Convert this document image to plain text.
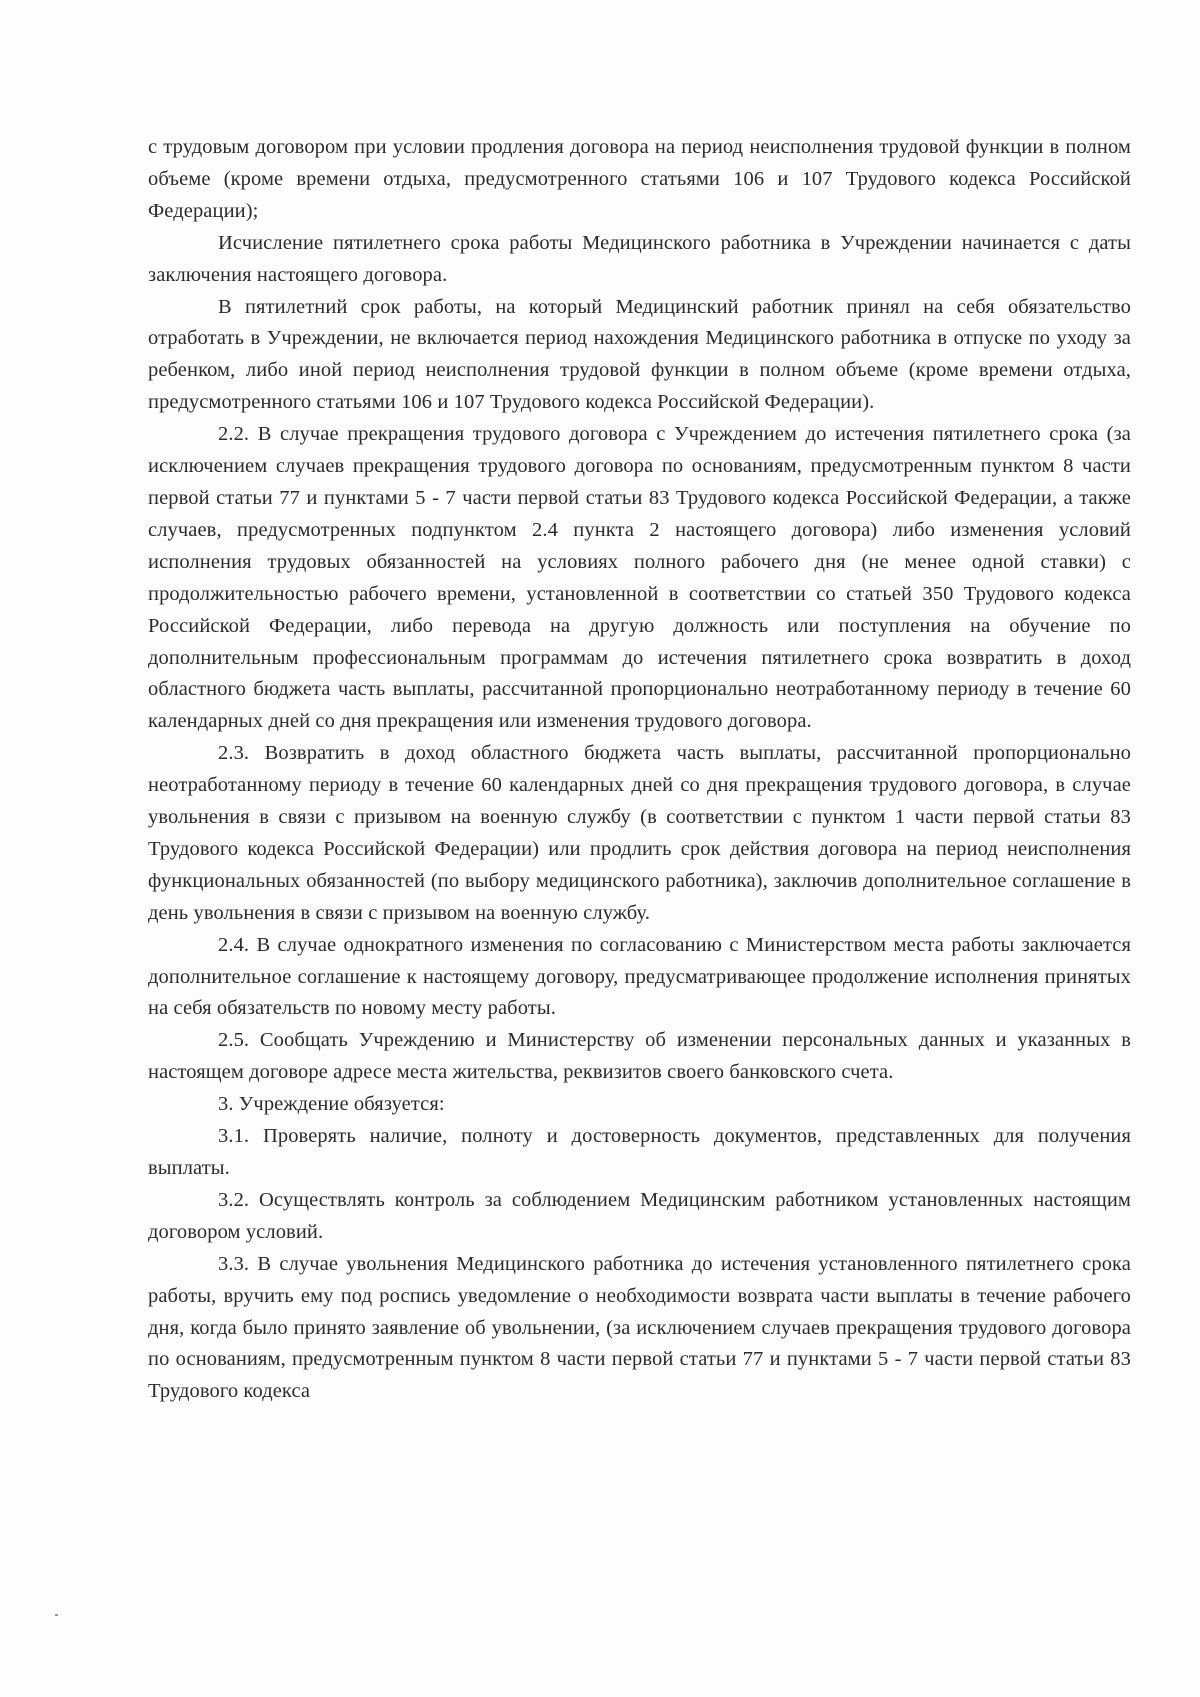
с трудовым договором при условии продления договора на период неисполнения трудовой функции в полном объеме (кроме времени отдыха, предусмотренного статьями 106 и 107 Трудового кодекса Российской Федерации);

Исчисление пятилетнего срока работы Медицинского работника в Учреждении начинается с даты заключения настоящего договора.

В пятилетний срок работы, на который Медицинский работник принял на себя обязательство отработать в Учреждении, не включается период нахождения Медицинского работника в отпуске по уходу за ребенком, либо иной период неисполнения трудовой функции в полном объеме (кроме времени отдыха, предусмотренного статьями 106 и 107 Трудового кодекса Российской Федерации).

2.2. В случае прекращения трудового договора с Учреждением до истечения пятилетнего срока (за исключением случаев прекращения трудового договора по основаниям, предусмотренным пунктом 8 части первой статьи 77 и пунктами 5 - 7 части первой статьи 83 Трудового кодекса Российской Федерации, а также случаев, предусмотренных подпунктом 2.4 пункта 2 настоящего договора) либо изменения условий исполнения трудовых обязанностей на условиях полного рабочего дня (не менее одной ставки) с продолжительностью рабочего времени, установленной в соответствии со статьей 350 Трудового кодекса Российской Федерации, либо перевода на другую должность или поступления на обучение по дополнительным профессиональным программам до истечения пятилетнего срока возвратить в доход областного бюджета часть выплаты, рассчитанной пропорционально неотработанному периоду в течение 60 календарных дней со дня прекращения или изменения трудового договора.

2.3. Возвратить в доход областного бюджета часть выплаты, рассчитанной пропорционально неотработанному периоду в течение 60 календарных дней со дня прекращения трудового договора, в случае увольнения в связи с призывом на военную службу (в соответствии с пунктом 1 части первой статьи 83 Трудового кодекса Российской Федерации) или продлить срок действия договора на период неисполнения функциональных обязанностей (по выбору медицинского работника), заключив дополнительное соглашение в день увольнения в связи с призывом на военную службу.

2.4. В случае однократного изменения по согласованию с Министерством места работы заключается дополнительное соглашение к настоящему договору, предусматривающее продолжение исполнения принятых на себя обязательств по новому месту работы.

2.5. Сообщать Учреждению и Министерству об изменении персональных данных и указанных в настоящем договоре адресе места жительства, реквизитов своего банковского счета.

3. Учреждение обязуется:

3.1. Проверять наличие, полноту и достоверность документов, представленных для получения выплаты.

3.2. Осуществлять контроль за соблюдением Медицинским работником установленных настоящим договором условий.

3.3. В случае увольнения Медицинского работника до истечения установленного пятилетнего срока работы, вручить ему под роспись уведомление о необходимости возврата части выплаты в течение рабочего дня, когда было принято заявление об увольнении, (за исключением случаев прекращения трудового договора по основаниям, предусмотренным пунктом 8 части первой статьи 77 и пунктами 5 - 7 части первой статьи 83 Трудового кодекса
